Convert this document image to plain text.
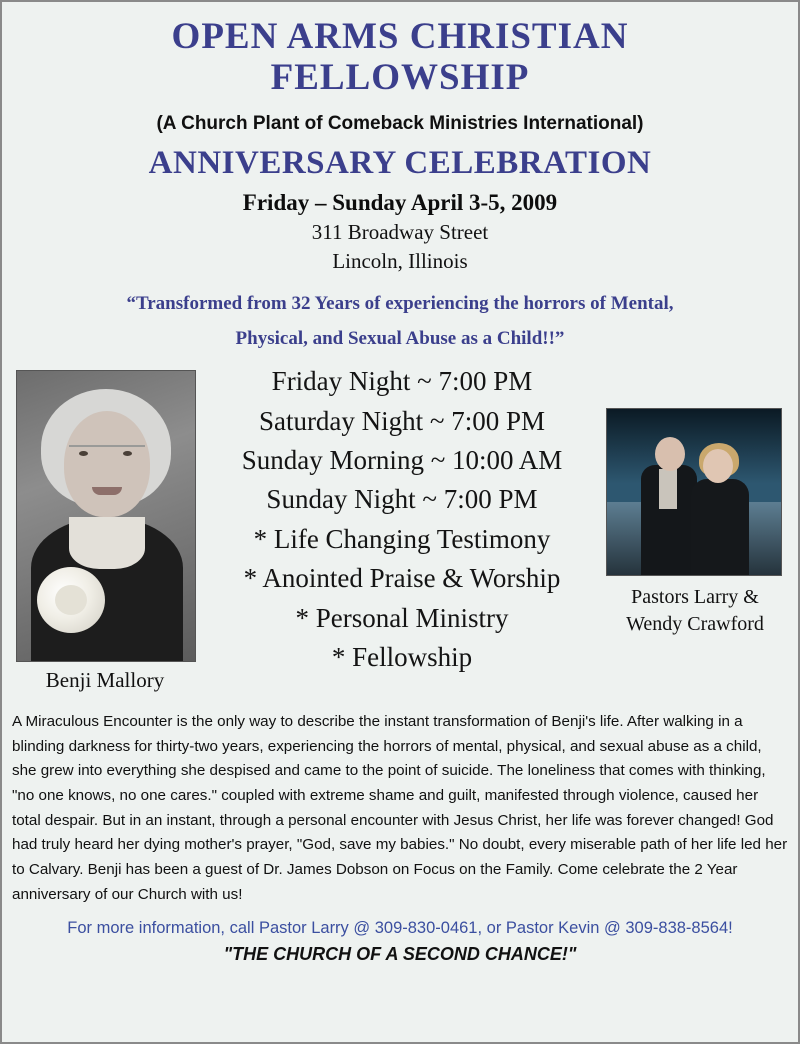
OPEN ARMS CHRISTIAN
FELLOWSHIP
(A Church Plant of Comeback Ministries International)
ANNIVERSARY CELEBRATION
Friday – Sunday April 3-5, 2009
311 Broadway Street
Lincoln, Illinois
“Transformed from 32 Years of experiencing the horrors of Mental,
Physical, and Sexual Abuse as a Child!!”
Benji Mallory
Friday Night ~ 7:00 PM
Saturday Night ~ 7:00 PM
Sunday Morning ~ 10:00 AM
Sunday Night ~ 7:00 PM
* Life Changing Testimony
* Anointed Praise & Worship
* Personal Ministry
* Fellowship
Pastors Larry &
Wendy Crawford
A Miraculous Encounter is the only way to describe the instant transformation of Benji's life. After walking in a blinding darkness for thirty-two years, experiencing the horrors of mental, physical, and sexual abuse as a child, she grew into everything she despised and came to the point of suicide. The loneliness that comes with thinking, "no one knows, no one cares." coupled with extreme shame and guilt, manifested through violence, caused her total despair. But in an instant, through a personal encounter with Jesus Christ, her life was forever changed! God had truly heard her dying mother's prayer, "God, save my babies." No doubt, every miserable path of her life led her to Calvary. Benji has been a guest of Dr. James Dobson on Focus on the Family. Come celebrate the 2 Year anniversary of our Church with us!
For more information, call Pastor Larry @ 309-830-0461, or Pastor Kevin @ 309-838-8564!
"THE CHURCH OF A SECOND CHANCE!"
